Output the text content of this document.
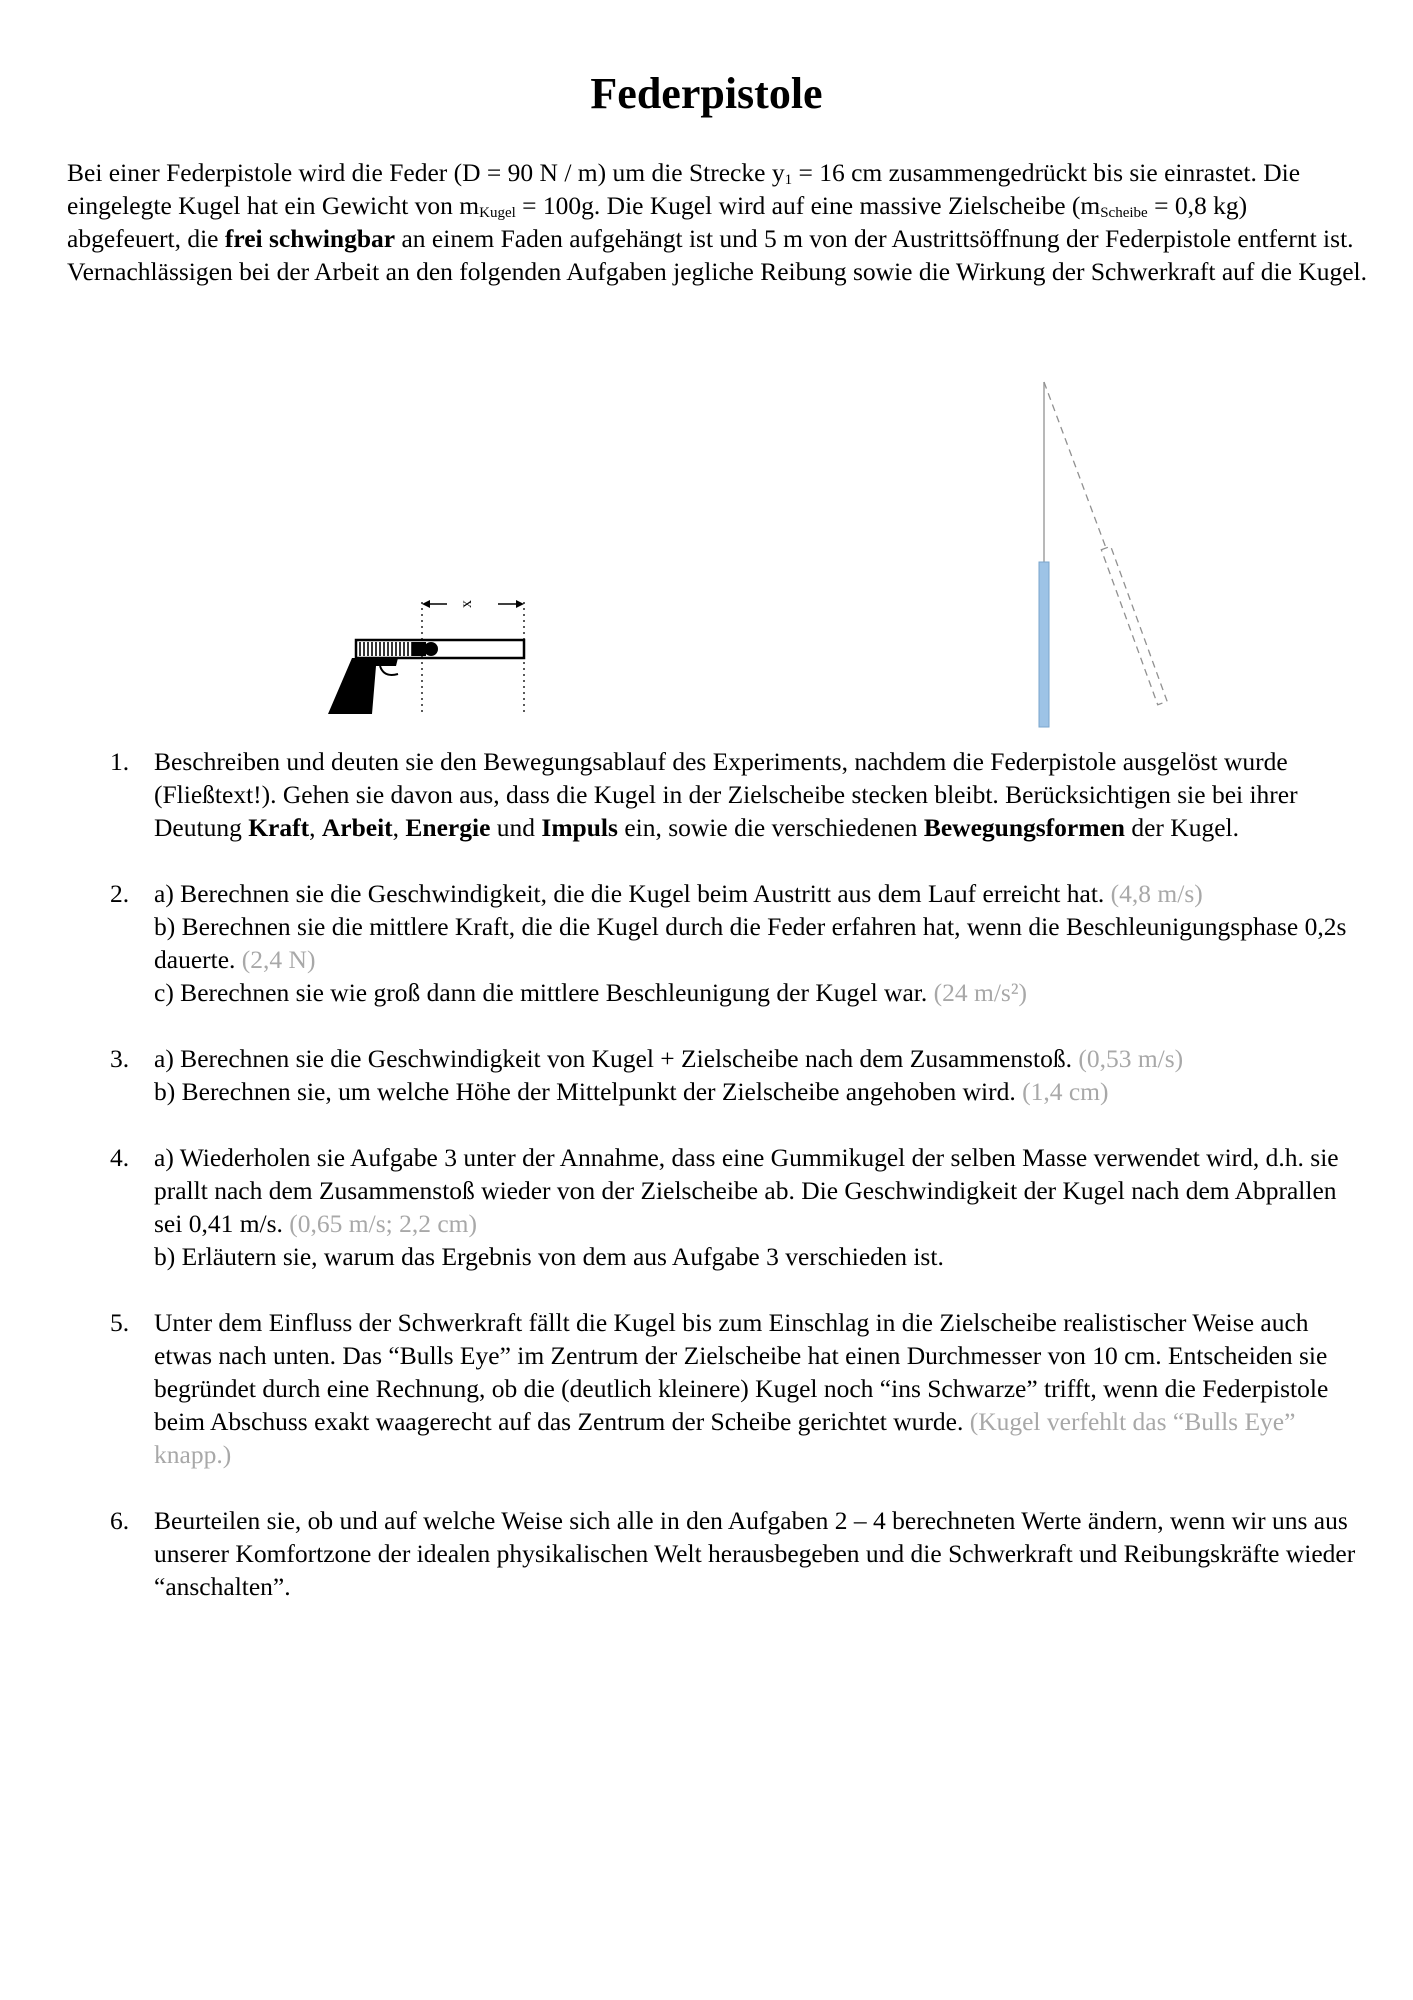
Federpistole

Bei einer Federpistole wird die Feder (D = 90 N / m) um die Strecke $y_1 = 16$ cm zusammengedrückt bis sie einrastet. Die eingelegte Kugel hat ein Gewicht von $m_{Kugel} = 100g$. Die Kugel wird auf eine massive Zielscheibe ($m_{Scheibe} = 0,8$ kg) abgefeuert, die frei schwingbar an einem Faden aufgehängt ist und 5 m von der Austrittsöffnung der Federpistole entfernt ist. Vernachlässigen bei der Arbeit an den folgenden Aufgaben jegliche Reibung sowie die Wirkung der Schwerkraft auf die Kugel.

x
1. Beschreiben und deuten sie den Bewegungsablauf des Experiments, nachdem die Federpistole ausgelöst wurde (Fließtext!). Gehen sie davon aus, dass die Kugel in der Zielscheibe stecken bleibt. Berücksichtigen sie bei ihrer Deutung Kraft, Arbeit, Energie und Impuls ein, sowie die verschiedenen Bewegungsformen der Kugel.
2. a) Berechnen sie die Geschwindigkeit, die die Kugel beim Austritt aus dem Lauf erreicht hat. (4,8 m/s)
b) Berechnen sie die mittlere Kraft, die die Kugel durch die Feder erfahren hat, wenn die Beschleunigungsphase 0,2s dauerte. (2,4 N)
c) Berechnen sie wie groß dann die mittlere Beschleunigung der Kugel war. (24 m/s²)
3. a) Berechnen sie die Geschwindigkeit von Kugel + Zielscheibe nach dem Zusammenstoß. (0,53 m/s)
b) Berechnen sie, um welche Höhe der Mittelpunkt der Zielscheibe angehoben wird. (1,4 cm)
4. a) Wiederholen sie Aufgabe 3 unter der Annahme, dass eine Gummikugel der selben Masse verwendet wird, d.h. sie prallt nach dem Zusammenstoß wieder von der Zielscheibe ab. Die Geschwindigkeit der Kugel nach dem Abprallen sei 0,41 m/s. (0,65 m/s; 2,2 cm)
b) Erläutern sie, warum das Ergebnis von dem aus Aufgabe 3 verschieden ist.
5. Unter dem Einfluss der Schwerkraft fällt die Kugel bis zum Einschlag in die Zielscheibe realistischer Weise auch etwas nach unten. Das “Bulls Eye” im Zentrum der Zielscheibe hat einen Durchmesser von 10 cm. Entscheiden sie begründet durch eine Rechnung, ob die (deutlich kleinere) Kugel noch “ins Schwarze” trifft, wenn die Federpistole beim Abschuss exakt waagerecht auf das Zentrum der Scheibe gerichtet wurde. (Kugel verfehlt das “Bulls Eye” knapp.)
6. Beurteilen sie, ob und auf welche Weise sich alle in den Aufgaben 2 – 4 berechneten Werte ändern, wenn wir uns aus unserer Komfortzone der idealen physikalischen Welt herausbegeben und die Schwerkraft und Reibungskräfte wieder “anschalten”.
